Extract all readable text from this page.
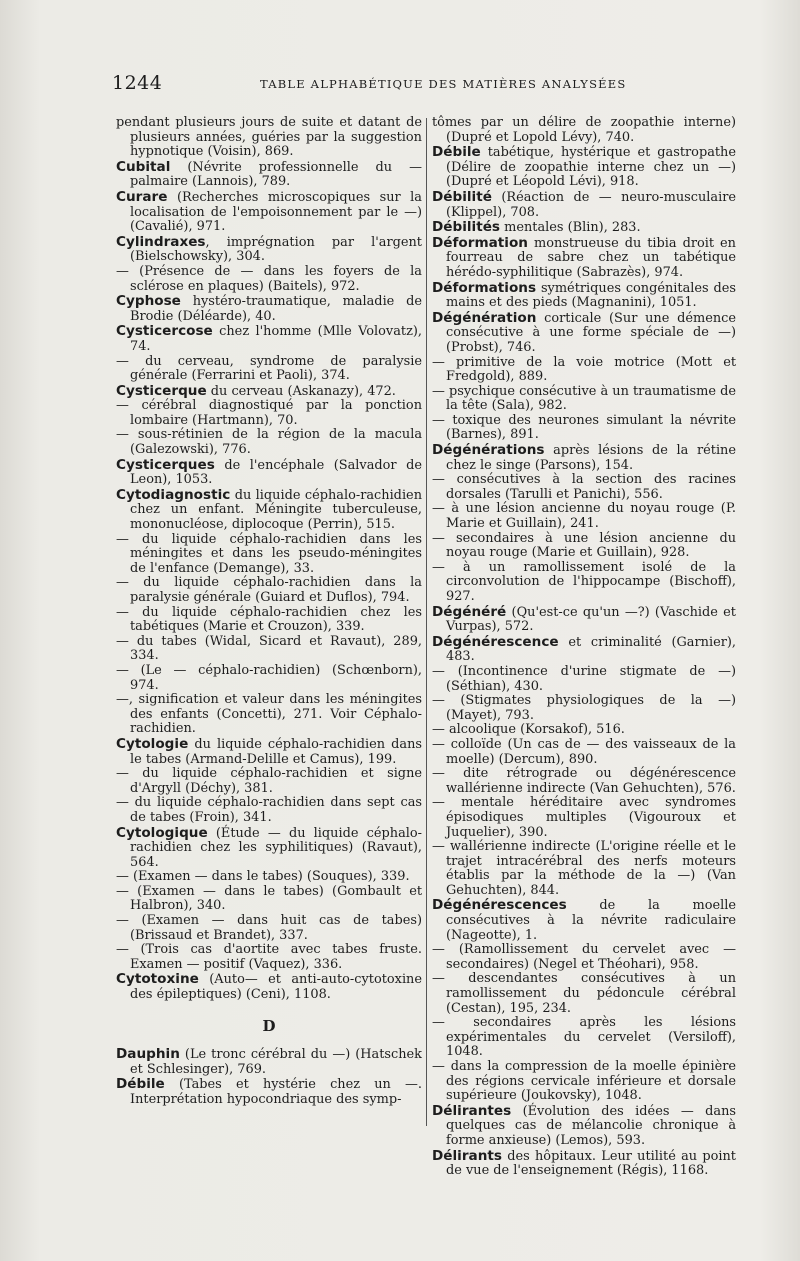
1244	TABLE ALPHABÉTIQUE DES MATIÈRES ANALYSÉES

pendant plusieurs jours de suite et datant de plusieurs années, guéries par la suggestion hypnotique (Voisin), 869.

Cubital (Névrite professionnelle du — palmaire (Lannois), 789.

Curare (Recherches microscopiques sur la localisation de l'empoisonnement par le —) (Cavalié), 971.

Cylindraxes, imprégnation par l'argent (Bielschowsky), 304.

— (Présence de — dans les foyers de la sclérose en plaques) (Baitels), 972.

Cyphose hystéro-traumatique, maladie de Brodie (Déléarde), 40.

Cysticercose chez l'homme (Mlle Volovatz), 74.

— du cerveau, syndrome de paralysie générale (Ferrarini et Paoli), 374.

Cysticerque du cerveau (Askanazy), 472.

— cérébral diagnostiqué par la ponction lombaire (Hartmann), 70.

— sous-rétinien de la région de la macula (Galezowski), 776.

Cysticerques de l'encéphale (Salvador de Leon), 1053.

Cytodiagnostic du liquide céphalo-rachidien chez un enfant. Méningite tuberculeuse, mononucléose, diplocoque (Perrin), 515.

— du liquide céphalo-rachidien dans les méningites et dans les pseudo-méningites de l'enfance (Demange), 33.

— du liquide céphalo-rachidien dans la paralysie générale (Guiard et Duflos), 794.

— du liquide céphalo-rachidien chez les tabétiques (Marie et Crouzon), 339.

— du tabes (Widal, Sicard et Ravaut), 289, 334.

— (Le — céphalo-rachidien) (Schœnborn), 974.

—, signification et valeur dans les méningites des enfants (Concetti), 271. Voir Céphalo-rachidien.

Cytologie du liquide céphalo-rachidien dans le tabes (Armand-Delille et Camus), 199.

— du liquide céphalo-rachidien et signe d'Argyll (Déchy), 381.

— du liquide céphalo-rachidien dans sept cas de tabes (Froin), 341.

Cytologique (Étude — du liquide céphalo-rachidien chez les syphilitiques) (Ravaut), 564.

— (Examen — dans le tabes) (Souques), 339.

— (Examen — dans le tabes) (Gombault et Halbron), 340.

— (Examen — dans huit cas de tabes) (Brissaud et Brandet), 337.

— (Trois cas d'aortite avec tabes fruste. Examen — positif (Vaquez), 336.

Cytotoxine (Auto— et anti-auto-cytotoxine des épileptiques) (Ceni), 1108.

D

Dauphin (Le tronc cérébral du —) (Hatschek et Schlesinger), 769.

Débile (Tabes et hystérie chez un —. Interprétation hypocondriaque des symp-

tômes par un délire de zoopathie interne) (Dupré et Lopold Lévy), 740.

Débile tabétique, hystérique et gastropathe (Délire de zoopathie interne chez un —) (Dupré et Léopold Lévi), 918.

Débilité (Réaction de — neuro-musculaire (Klippel), 708.

Débilités mentales (Blin), 283.

Déformation monstrueuse du tibia droit en fourreau de sabre chez un tabétique hérédo-syphilitique (Sabrazès), 974.

Déformations symétriques congénitales des mains et des pieds (Magnanini), 1051.

Dégénération corticale (Sur une démence consécutive à une forme spéciale de —) (Probst), 746.

— primitive de la voie motrice (Mott et Fredgold), 889.

— psychique consécutive à un traumatisme de la tête (Sala), 982.

— toxique des neurones simulant la névrite (Barnes), 891.

Dégénérations après lésions de la rétine chez le singe (Parsons), 154.

— consécutives à la section des racines dorsales (Tarulli et Panichi), 556.

— à une lésion ancienne du noyau rouge (P. Marie et Guillain), 241.

— secondaires à une lésion ancienne du noyau rouge (Marie et Guillain), 928.

— à un ramollissement isolé de la circonvolution de l'hippocampe (Bischoff), 927.

Dégénéré (Qu'est-ce qu'un —?) (Vaschide et Vurpas), 572.

Dégénérescence et criminalité (Garnier), 483.

— (Incontinence d'urine stigmate de —) (Séthian), 430.

— (Stigmates physiologiques de la —) (Mayet), 793.

— alcoolique (Korsakof), 516.

— colloïde (Un cas de — des vaisseaux de la moelle) (Dercum), 890.

— dite rétrograde ou dégénérescence wallérienne indirecte (Van Gehuchten), 576.

— mentale héréditaire avec syndromes épisodiques multiples (Vigouroux et Juquelier), 390.

— wallérienne indirecte (L'origine réelle et le trajet intracérébral des nerfs moteurs établis par la méthode de la —) (Van Gehuchten), 844.

Dégénérescences de la moelle consécutives à la névrite radiculaire (Nageotte), 1.

— (Ramollissement du cervelet avec — secondaires) (Negel et Théohari), 958.

— descendantes consécutives à un ramollissement du pédoncule cérébral (Cestan), 195, 234.

— secondaires après les lésions expérimentales du cervelet (Versiloff), 1048.

— dans la compression de la moelle épinière des régions cervicale inférieure et dorsale supérieure (Joukovsky), 1048.

Délirantes (Évolution des idées — dans quelques cas de mélancolie chronique à forme anxieuse) (Lemos), 593.

Délirants des hôpitaux. Leur utilité au point de vue de l'enseignement (Régis), 1168.
